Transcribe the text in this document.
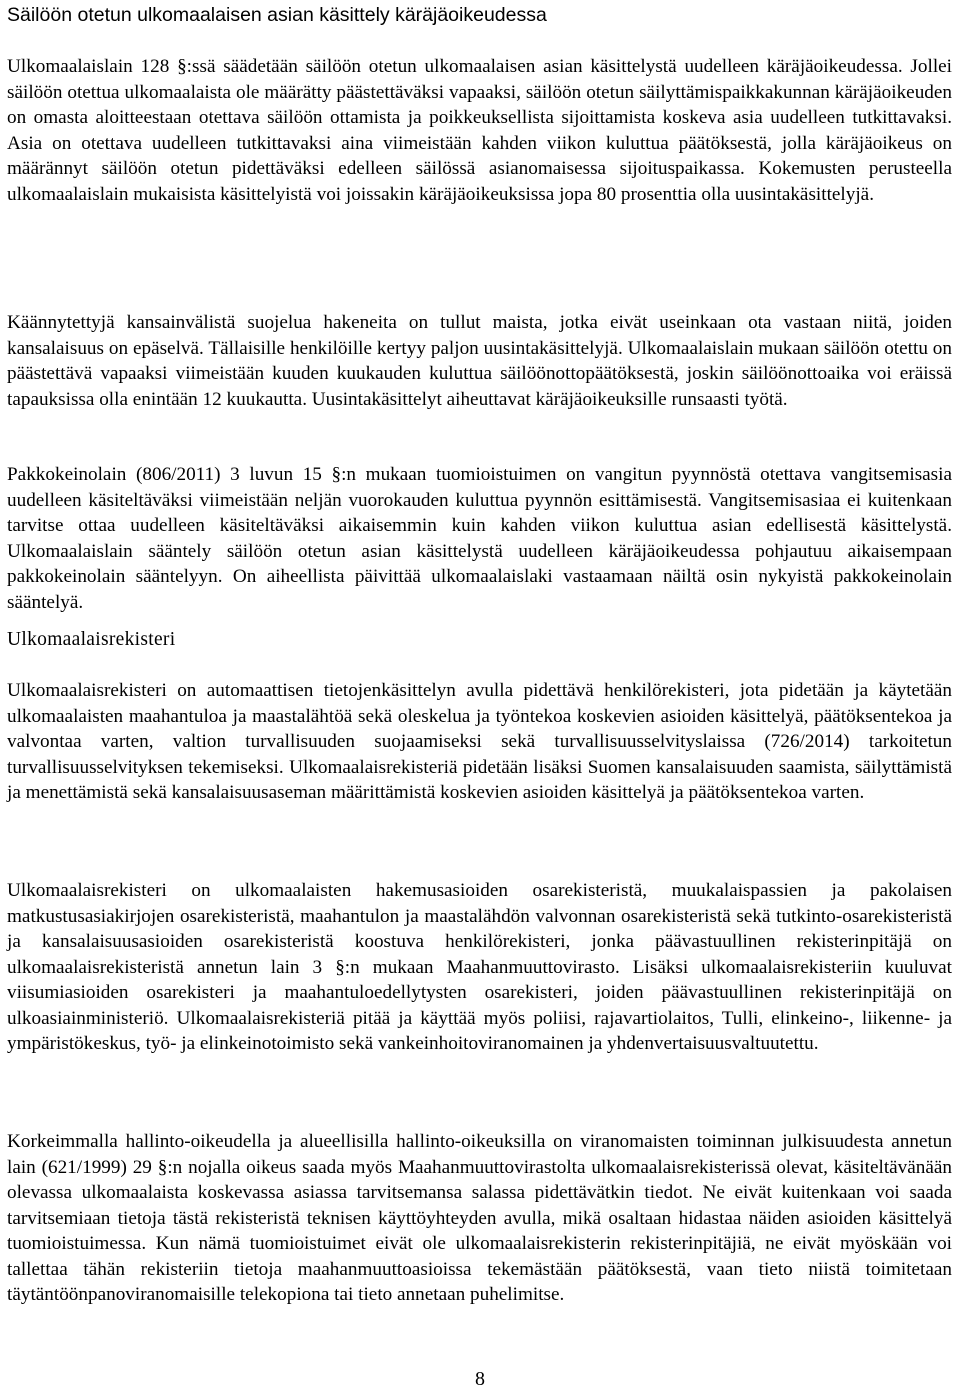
Säilöön otetun ulkomaalaisen asian käsittely käräjäoikeudessa

Ulkomaalaislain 128 §:ssä säädetään säilöön otetun ulkomaalaisen asian käsittelystä uudelleen käräjäoikeudessa. Jollei säilöön otettua ulkomaalaista ole määrätty päästettäväksi vapaaksi, säilöön otetun säilyttämispaikkakunnan käräjäoikeuden on omasta aloitteestaan otettava säilöön ottamista ja poikkeuksellista sijoittamista koskeva asia uudelleen tutkittavaksi. Asia on otettava uudelleen tutkittavaksi aina viimeistään kahden viikon kuluttua päätöksestä, jolla käräjäoikeus on määrännyt säilöön otetun pidettäväksi edelleen säilössä asianomaisessa sijoituspaikassa. Kokemusten perusteella ulkomaalaislain mukaisista käsittelyistä voi joissakin käräjäoikeuksissa jopa 80 prosenttia olla uusintakäsittelyjä.

Käännytettyjä kansainvälistä suojelua hakeneita on tullut maista, jotka eivät useinkaan ota vastaan niitä, joiden kansalaisuus on epäselvä. Tällaisille henkilöille kertyy paljon uusintakäsittelyjä. Ulkomaalaislain mukaan säilöön otettu on päästettävä vapaaksi viimeistään kuuden kuukauden kuluttua säilöönottopäätöksestä, joskin säilöönottoaika voi eräissä tapauksissa olla enintään 12 kuukautta. Uusintakäsittelyt aiheuttavat käräjäoikeuksille runsaasti työtä.

Pakkokeinolain (806/2011) 3 luvun 15 §:n mukaan tuomioistuimen on vangitun pyynnöstä otettava vangitsemisasia uudelleen käsiteltäväksi viimeistään neljän vuorokauden kuluttua pyynnön esittämisestä. Vangitsemisasiaa ei kuitenkaan tarvitse ottaa uudelleen käsiteltäväksi aikaisemmin kuin kahden viikon kuluttua asian edellisestä käsittelystä. Ulkomaalaislain sääntely säilöön otetun asian käsittelystä uudelleen käräjäoikeudessa pohjautuu aikaisempaan pakkokeinolain sääntelyyn. On aiheellista päivittää ulkomaalaislaki vastaamaan näiltä osin nykyistä pakkokeinolain sääntelyä.

Ulkomaalaisrekisteri

Ulkomaalaisrekisteri on automaattisen tietojenkäsittelyn avulla pidettävä henkilörekisteri, jota pidetään ja käytetään ulkomaalaisten maahantuloa ja maastalähtöä sekä oleskelua ja työntekoa koskevien asioiden käsittelyä, päätöksentekoa ja valvontaa varten, valtion turvallisuuden suojaamiseksi sekä turvallisuusselvityslaissa (726/2014) tarkoitetun turvallisuusselvityksen tekemiseksi. Ulkomaalaisrekisteriä pidetään lisäksi Suomen kansalaisuuden saamista, säilyttämistä ja menettämistä sekä kansalaisuusaseman määrittämistä koskevien asioiden käsittelyä ja päätöksentekoa varten.

Ulkomaalaisrekisteri on ulkomaalaisten hakemusasioiden osarekisteristä, muukalaispassien ja pakolaisen matkustusasiakirjojen osarekisteristä, maahantulon ja maastalähdön valvonnan osarekisteristä sekä tutkinto-osarekisteristä ja kansalaisuusasioiden osarekisteristä koostuva henkilörekisteri, jonka päävastuullinen rekisterinpitäjä on ulkomaalaisrekisteristä annetun lain 3 §:n mukaan Maahanmuuttovirasto. Lisäksi ulkomaalaisrekisteriin kuuluvat viisumiasioiden osarekisteri ja maahantuloedellytysten osarekisteri, joiden päävastuullinen rekisterinpitäjä on ulkoasiainministeriö. Ulkomaalaisrekisteriä pitää ja käyttää myös poliisi, rajavartiolaitos, Tulli, elinkeino-, liikenne- ja ympäristökeskus, työ- ja elinkeinotoimisto sekä vankeinhoitoviranomainen ja yhdenvertaisuusvaltuutettu.

Korkeimmalla hallinto-oikeudella ja alueellisilla hallinto-oikeuksilla on viranomaisten toiminnan julkisuudesta annetun lain (621/1999) 29 §:n nojalla oikeus saada myös Maahanmuuttovirastolta ulkomaalaisrekisterissä olevat, käsiteltävänään olevassa ulkomaalaista koskevassa asiassa tarvitsemansa salassa pidettävätkin tiedot. Ne eivät kuitenkaan voi saada tarvitsemiaan tietoja tästä rekisteristä teknisen käyttöyhteyden avulla, mikä osaltaan hidastaa näiden asioiden käsittelyä tuomioistuimessa. Kun nämä tuomioistuimet eivät ole ulkomaalaisrekisterin rekisterinpitäjiä, ne eivät myöskään voi tallettaa tähän rekisteriin tietoja maahanmuuttoasioissa tekemästään päätöksestä, vaan tieto niistä toimitetaan täytäntöönpanoviranomaisille telekopiona tai tieto annetaan puhelimitse.

8
